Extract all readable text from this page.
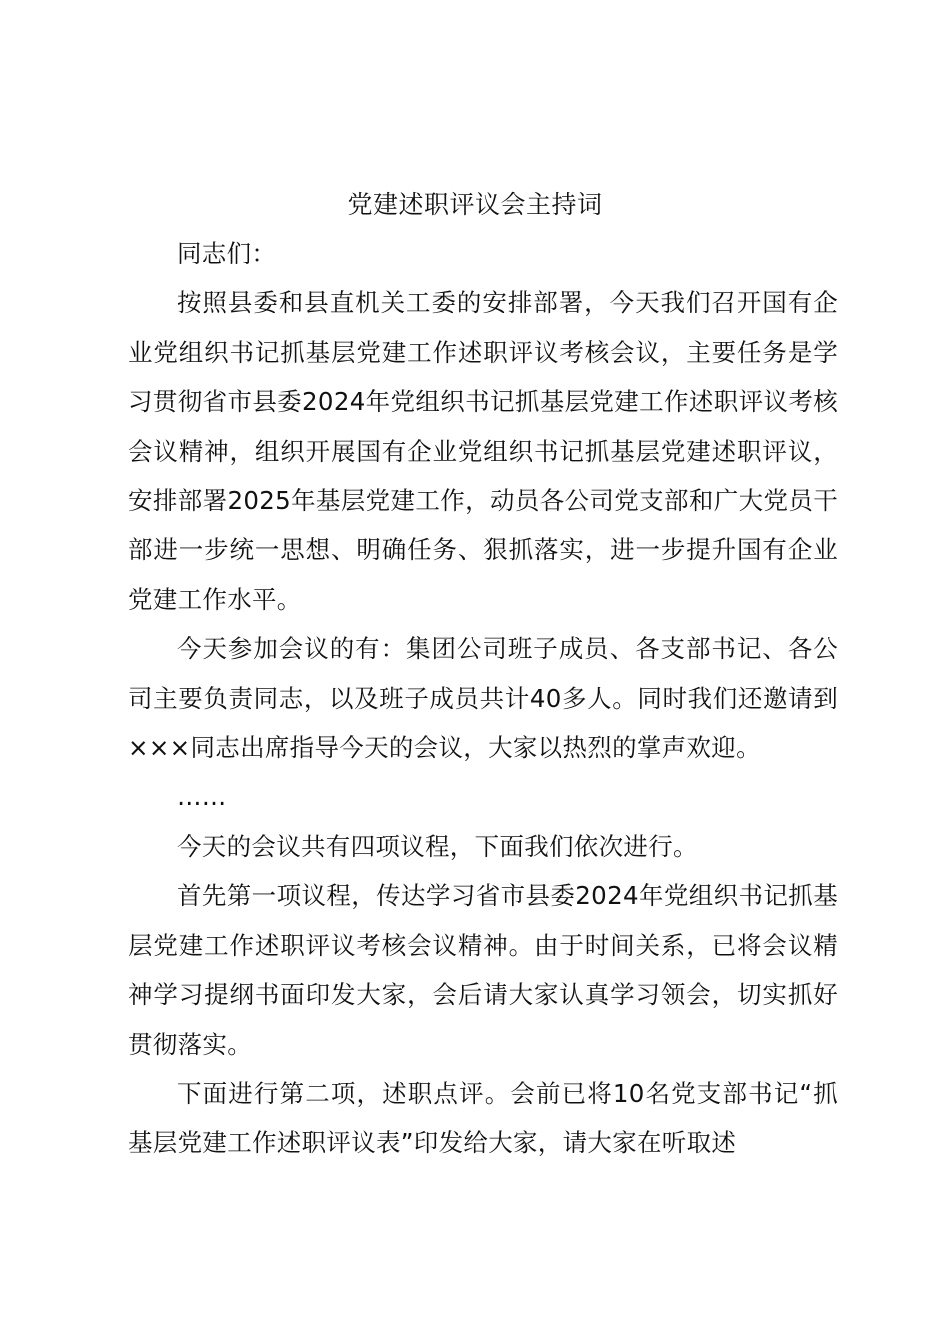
党建述职评议会主持词

同志们：

按照县委和县直机关工委的安排部署，今天我们召开国有企业党组织书记抓基层党建工作述职评议考核会议，主要任务是学习贯彻省市县委2024年党组织书记抓基层党建工作述职评议考核会议精神，组织开展国有企业党组织书记抓基层党建述职评议，安排部署2025年基层党建工作，动员各公司党支部和广大党员干部进一步统一思想、明确任务、狠抓落实，进一步提升国有企业党建工作水平。

今天参加会议的有：集团公司班子成员、各支部书记、各公司主要负责同志，以及班子成员共计40多人。同时我们还邀请到×××同志出席指导今天的会议，大家以热烈的掌声欢迎。

……

今天的会议共有四项议程，下面我们依次进行。

首先第一项议程，传达学习省市县委2024年党组织书记抓基层党建工作述职评议考核会议精神。由于时间关系，已将会议精神学习提纲书面印发大家，会后请大家认真学习领会，切实抓好贯彻落实。

下面进行第二项，述职点评。会前已将10名党支部书记“抓基层党建工作述职评议表”印发给大家，请大家在听取述
